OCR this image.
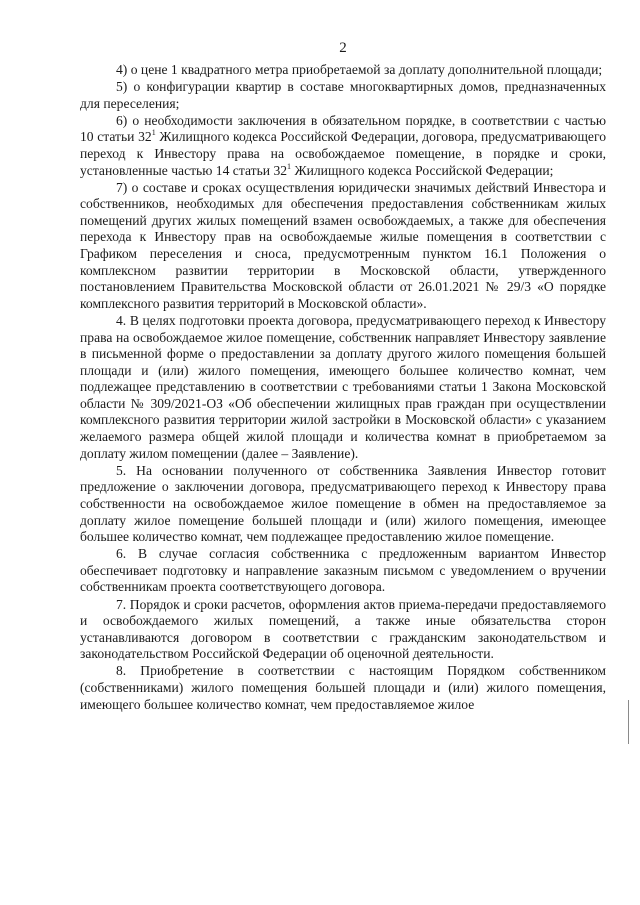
2

4) о цене 1 квадратного метра приобретаемой за доплату дополнительной площади;

5) о конфигурации квартир в составе многоквартирных домов, предназначенных для переселения;

6) о необходимости заключения в обязательном порядке, в соответствии с частью 10 статьи $32^1$ Жилищного кодекса Российской Федерации, договора, предусматривающего переход к Инвестору права на освобождаемое помещение, в порядке и сроки, установленные частью 14 статьи $32^1$ Жилищного кодекса Российской Федерации;

7) о составе и сроках осуществления юридически значимых действий Инвестора и собственников, необходимых для обеспечения предоставления собственникам жилых помещений других жилых помещений взамен освобождаемых, а также для обеспечения перехода к Инвестору прав на освобождаемые жилые помещения в соответствии с Графиком переселения и сноса, предусмотренным пунктом 16.1 Положения о комплексном развитии территории в Московской области, утвержденного постановлением Правительства Московской области от 26.01.2021 № 29/3 «О порядке комплексного развития территорий в Московской области».

4. В целях подготовки проекта договора, предусматривающего переход к Инвестору права на освобождаемое жилое помещение, собственник направляет Инвестору заявление в письменной форме о предоставлении за доплату другого жилого помещения большей площади и (или) жилого помещения, имеющего большее количество комнат, чем подлежащее представлению в соответствии с требованиями статьи 1 Закона Московской области № 309/2021-ОЗ «Об обеспечении жилищных прав граждан при осуществлении комплексного развития территории жилой застройки в Московской области» с указанием желаемого размера общей жилой площади и количества комнат в приобретаемом за доплату жилом помещении (далее – Заявление).

5. На основании полученного от собственника Заявления Инвестор готовит предложение о заключении договора, предусматривающего переход к Инвестору права собственности на освобождаемое жилое помещение в обмен на предоставляемое за доплату жилое помещение большей площади и (или) жилого помещения, имеющее большее количество комнат, чем подлежащее предоставлению жилое помещение.

6. В случае согласия собственника с предложенным вариантом Инвестор обеспечивает подготовку и направление заказным письмом с уведомлением о вручении собственникам проекта соответствующего договора.

7. Порядок и сроки расчетов, оформления актов приема-передачи предоставляемого и освобождаемого жилых помещений, а также иные обязательства сторон устанавливаются договором в соответствии с гражданским законодательством и законодательством Российской Федерации об оценочной деятельности.

8. Приобретение в соответствии с настоящим Порядком собственником (собственниками) жилого помещения большей площади и (или) жилого помещения, имеющего большее количество комнат, чем предоставляемое жилое
